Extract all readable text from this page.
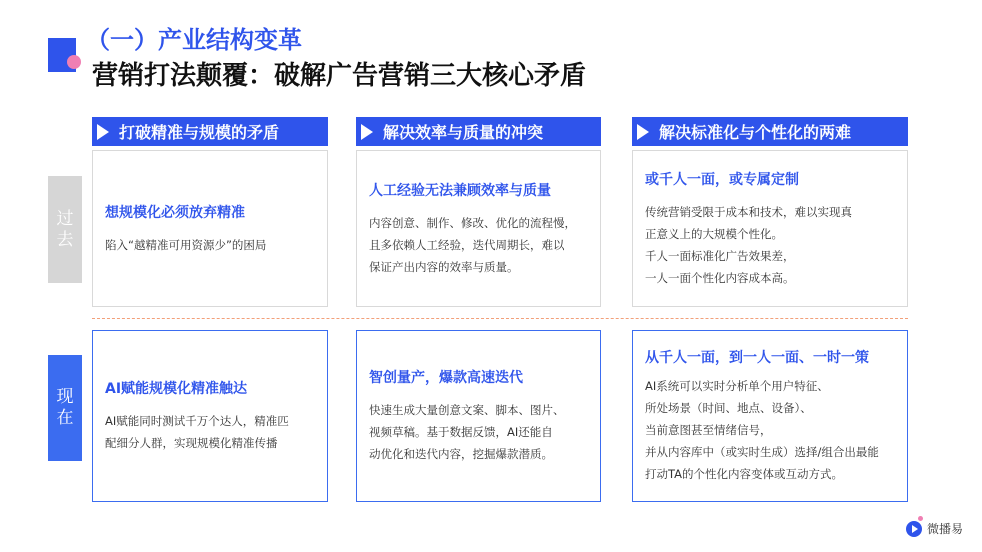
（一）产业结构变革
营销打法颠覆：破解广告营销三大核心矛盾
打破精准与规模的矛盾	解决效率与质量的冲突	解决标准化与个性化的两难
过
去
现
在
想规模化必须放弃精准

陷入“越精准可用资源少”的困局

人工经验无法兼顾效率与质量

内容创意、制作、修改、优化的流程慢，

且多依赖人工经验，迭代周期长，难以

保证产出内容的效率与质量。

或千人一面，或专属定制

传统营销受限于成本和技术，难以实现真

正意义上的大规模个性化。

千人一面标准化广告效果差，

一人一面个性化内容成本高。

AI赋能规模化精准触达

AI赋能同时测试千万个达人，精准匹

配细分人群，实现规模化精准传播

智创量产，爆款高速迭代

快速生成大量创意文案、脚本、图片、

视频草稿。基于数据反馈，AI还能自

动优化和迭代内容，挖掘爆款潜质。

从千人一面，到一人一面、一时一策

AI系统可以实时分析单个用户特征、

所处场景（时间、地点、设备）、

当前意图甚至情绪信号，

并从内容库中（或实时生成）选择/组合出最能

打动TA的个性化内容变体或互动方式。

微播易
